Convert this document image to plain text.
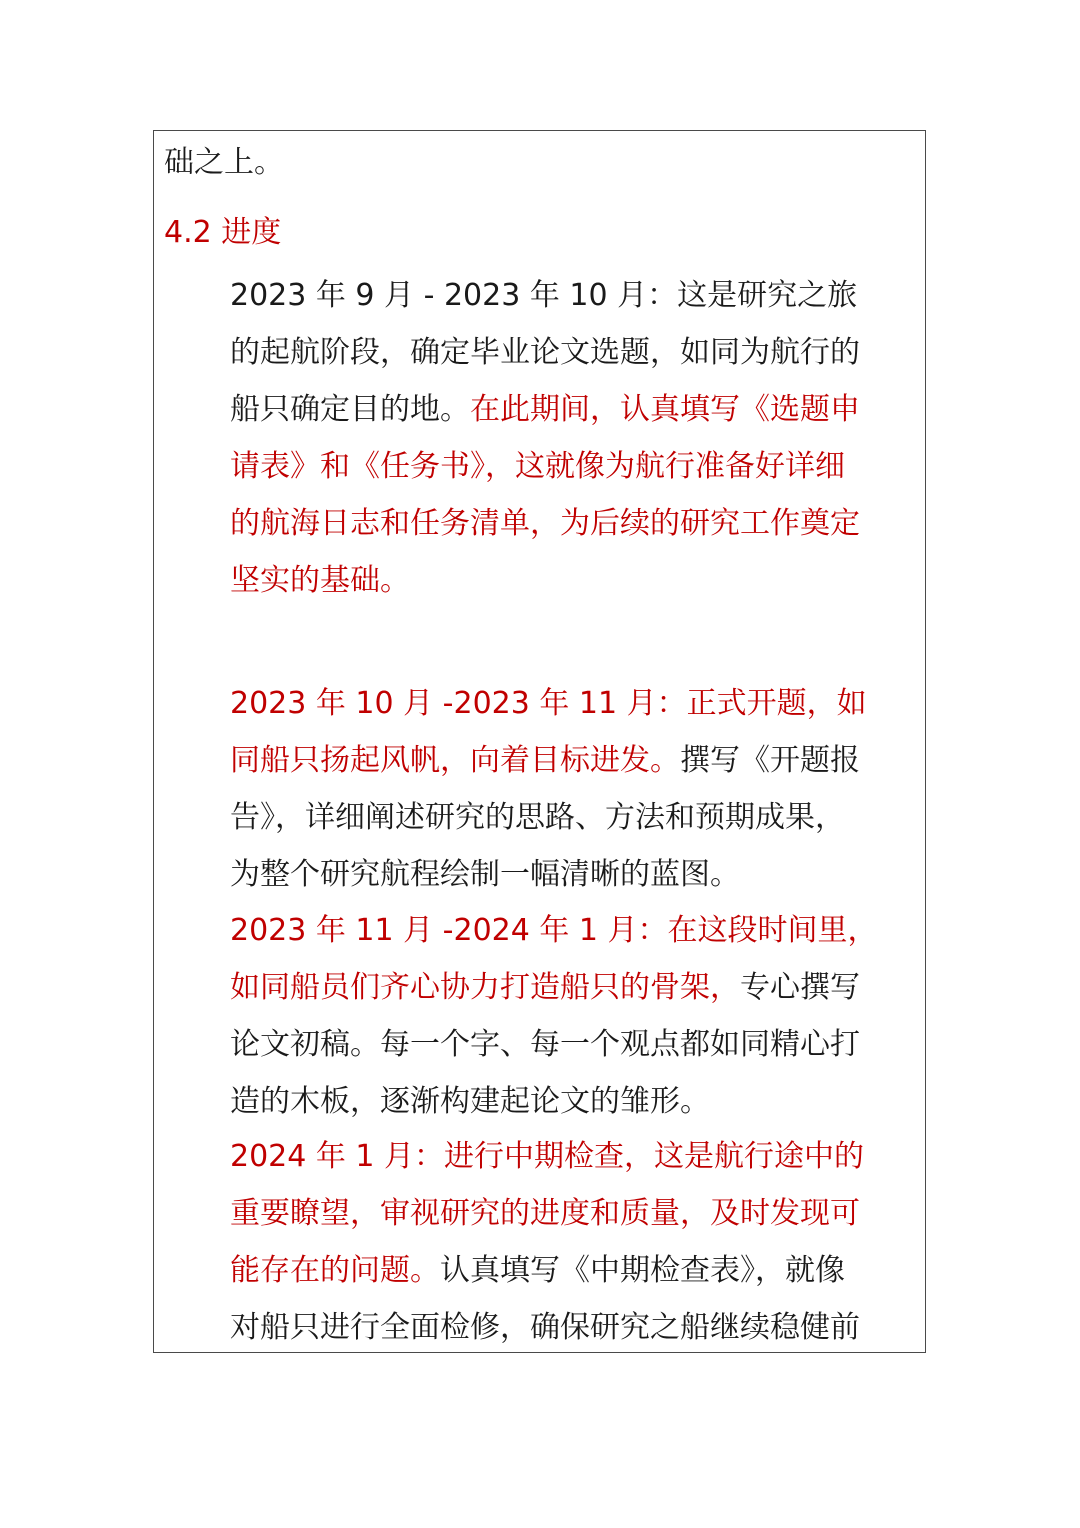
础之上。
4.2 进度
2023 年 9 月 - 2023 年 10 月：这是研究之旅
的起航阶段，确定毕业论文选题，如同为航行的
船只确定目的地。在此期间，认真填写《选题申
请表》和《任务书》，这就像为航行准备好详细
的航海日志和任务清单，为后续的研究工作奠定
坚实的基础。
2023 年 10 月 -2023 年 11 月：正式开题，如
同船只扬起风帆，向着目标进发。撰写《开题报
告》，详细阐述研究的思路、方法和预期成果，
为整个研究航程绘制一幅清晰的蓝图。
2023 年 11 月 -2024 年 1 月：在这段时间里，
如同船员们齐心协力打造船只的骨架，专心撰写
论文初稿。每一个字、每一个观点都如同精心打
造的木板，逐渐构建起论文的雏形。
2024 年 1 月：进行中期检查，这是航行途中的
重要瞭望，审视研究的进度和质量，及时发现可
能存在的问题。认真填写《中期检查表》，就像
对船只进行全面检修，确保研究之船继续稳健前
